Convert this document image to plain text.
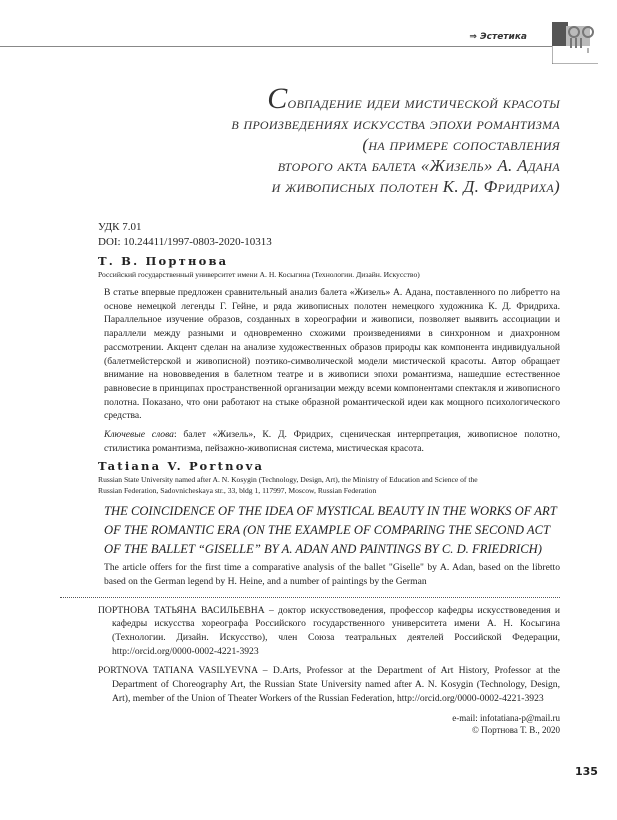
⇒ Эстетика
Совпадение идеи мистической красоты
в произведениях искусства эпохи романтизма
(на примере сопоставления
второго акта балета «Жизель» А. Адана
и живописных полотен К. Д. Фридриха)
УДК 7.01
DOI: 10.24411/1997-0803-2020-10313
Т. В. Портнова
Российский государственный университет имени А. Н. Косыгина (Технологии. Дизайн. Искусство)
В статье впервые предложен сравнительный анализ балета «Жизель» А. Адана, поставленного по либретто на основе немецкой легенды Г. Гейне, и ряда живописных полотен немецкого художника К. Д. Фридриха. Параллельное изучение образов, созданных в хореографии и живописи, позволяет выявить ассоциации и параллели между разными и одновременно схожими произведениями в синхронном и диахронном рассмотрении. Акцент сделан на анализе художественных образов природы как компонента индивидуальной (балетмейстерской и живописной) поэтико-символической модели мистической красоты. Автор обращает внимание на нововведения в балетном театре и в живописи эпохи романтизма, нашедшие естественное равновесие в принципах пространственной организации между всеми компонентами спектакля и живописного полотна. Показано, что они работают на стыке образной романтической идеи как мощного психологического средства.
Ключевые слова: балет «Жизель», К. Д. Фридрих, сценическая интерпретация, живописное полотно, стилистика романтизма, пейзажно-живописная система, мистическая красота.
Tatiana V. Portnova
Russian State University named after A. N. Kosygin (Technology, Design, Art), the Ministry of Education and Science of the Russian Federation, Sadovnicheskaya str., 33, bldg 1, 117997, Moscow, Russian Federation
THE COINCIDENCE OF THE IDEA OF MYSTICAL BEAUTY IN THE WORKS OF ART OF THE ROMANTIC ERA (ON THE EXAMPLE OF COMPARING THE SECOND ACT OF THE BALLET “GISELLE” BY A. ADAN AND PAINTINGS BY C. D. FRIEDRICH)
The article offers for the first time a comparative analysis of the ballet "Giselle" by A. Adan, based on the libretto based on the German legend by H. Heine, and a number of paintings by the German
ПОРТНОВА ТАТЬЯНА ВАСИЛЬЕВНА – доктор искусствоведения, профессор кафедры искусствоведения и кафедры искусства хореографа Российского государственного университета имени А. Н. Косыгина (Технологии. Дизайн. Искусство), член Союза театральных деятелей Российской Федерации, http://orcid.org/0000-0002-4221-3923
PORTNOVA TATIANA VASILYEVNA – D.Arts, Professor at the Department of Art History, Professor at the Department of Choreography Art, the Russian State University named after A. N. Kosygin (Technology, Design, Art), member of the Union of Theater Workers of the Russian Federation, http://orcid.org/0000-0002-4221-3923
e-mail: infotatiana-p@mail.ru
© Портнова Т. В., 2020
135
